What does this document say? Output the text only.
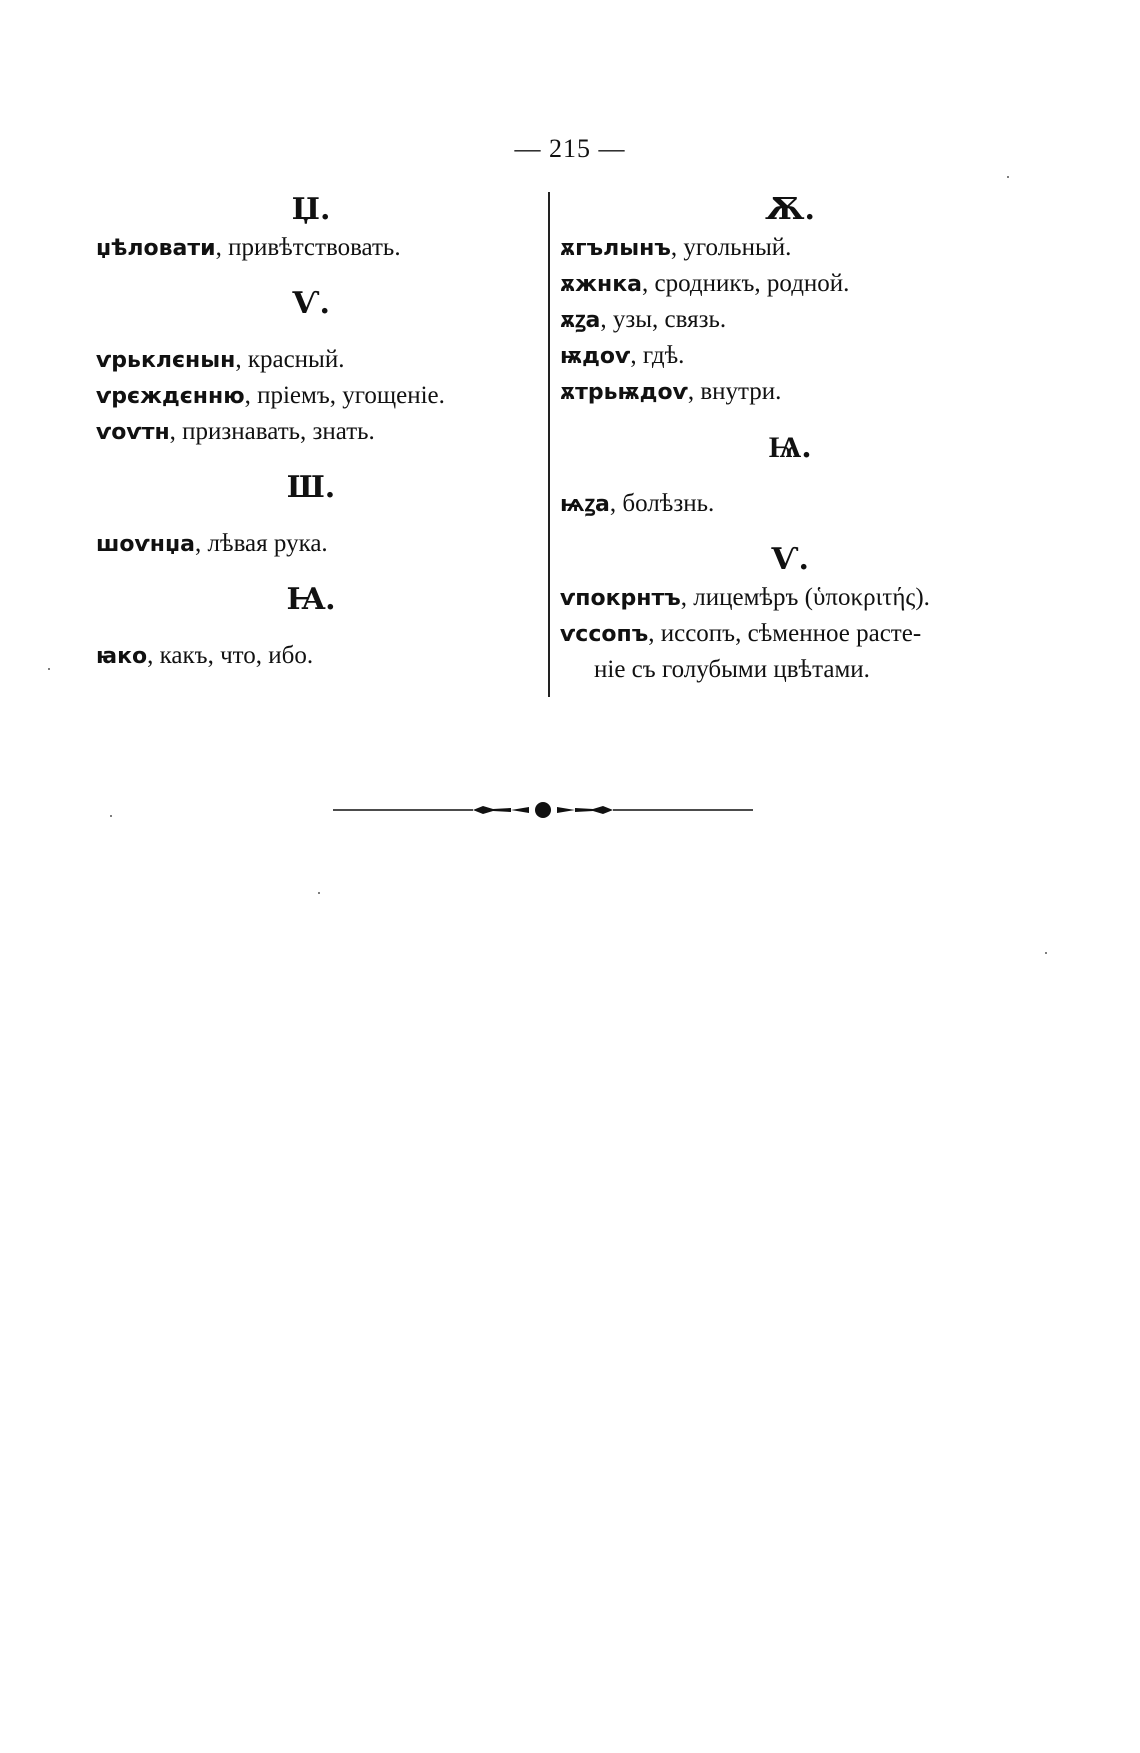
— 215 —
Џ.
џѣловати, привѣтствовать.
Ѵ.
ѵрьклєнын, красный.
ѵрєждєнню, пріемъ, угощеніе.
ѵоѵтн, признавать, знать.
Ш.
шоѵнџа, лѣвая рука.
Ꙗ.
ꙗко, какъ, что, ибо.
Ѫ.
ѫгълынъ, угольный.
ѫжнка, сродникъ, родной.
ѫꙁа, узы, связь.
ѭдоѵ, гдѣ.
ѫтрьѭдоѵ, внутри.
Ѩ.
ѩꙁа, болѣзнь.
Ѵ.
ѵпокрнтъ, лицемѣръ (ὑποκριτής).
ѵссопъ, иссопъ, сѣменное расте-
ніе съ голубыми цвѣтами.
